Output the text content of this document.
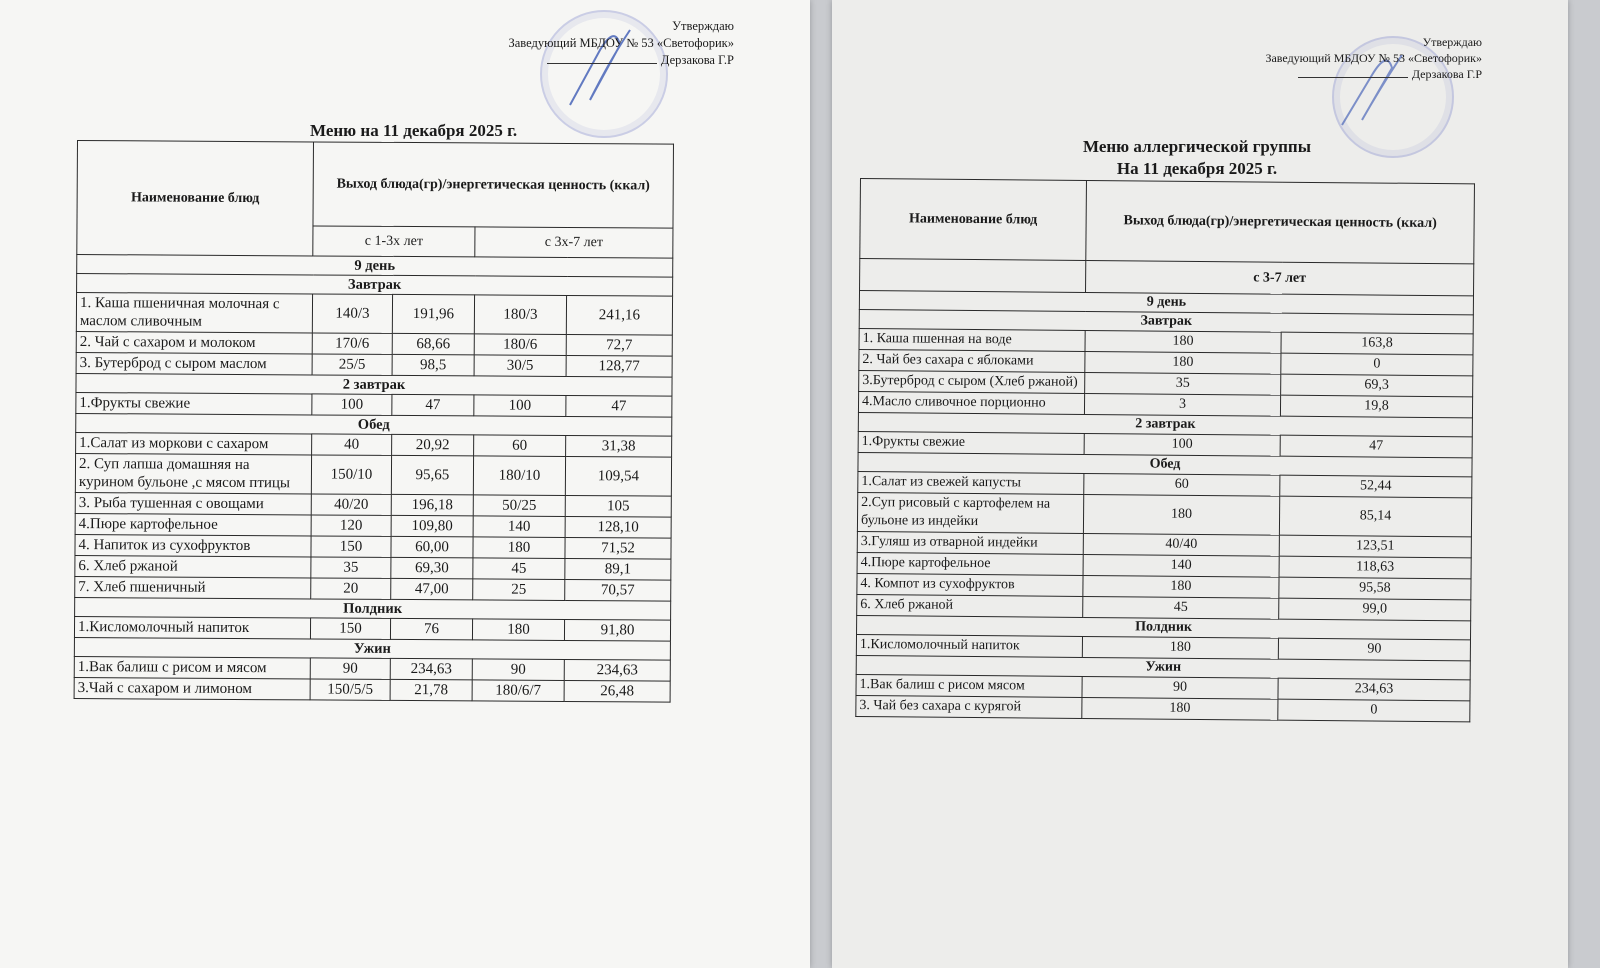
Утверждаю
Заведующий МБДОУ № 53 «Светофорик»
Дерзакова Г.Р
Меню на 11 декабря 2025 г.
Наименование блюд	Выход блюда(гр)/энергетическая ценность (ккал)			
	с 1-3х лет		с 3х-7 лет	
9 день				
Завтрак				
1. Каша пшеничная молочная с маслом сливочным	140/3	191,96	180/3	241,16
2. Чай с сахаром и молоком	170/6	68,66	180/6	72,7
3. Бутерброд с сыром маслом	25/5	98,5	30/5	128,77
2 завтрак				
1.Фрукты свежие	100	47	100	47
Обед				
1.Салат из моркови с сахаром	40	20,92	60	31,38
2. Суп лапша домашняя на курином бульоне ,с мясом птицы	150/10	95,65	180/10	109,54
3. Рыба тушенная с овощами	40/20	196,18	50/25	105
4.Пюре картофельное	120	109,80	140	128,10
4. Напиток из сухофруктов	150	60,00	180	71,52
6. Хлеб ржаной	35	69,30	45	89,1
7. Хлеб пшеничный	20	47,00	25	70,57
Полдник				
1.Кисломолочный напиток	150	76	180	91,80
Ужин				
1.Вак балиш с рисом и мясом	90	234,63	90	234,63
3.Чай с сахаром и лимоном	150/5/5	21,78	180/6/7	26,48
Утверждаю
Заведующий МБДОУ № 53 «Светофорик»
Дерзакова Г.Р
Меню аллергической группы
На 11 декабря 2025 г.
Наименование блюд	Выход блюда(гр)/энергетическая ценность (ккал)	
	с 3-7 лет	
9 день		
Завтрак		
1. Каша пшенная на воде	180	163,8
2. Чай без сахара с яблоками	180	0
3.Бутерброд с сыром (Хлеб ржаной)	35	69,3
4.Масло сливочное порционно	3	19,8
2 завтрак		
1.Фрукты свежие	100	47
Обед		
1.Салат из свежей капусты	60	52,44
2.Суп рисовый с картофелем на бульоне из индейки	180	85,14
3.Гуляш из отварной индейки	40/40	123,51
4.Пюре картофельное	140	118,63
4. Компот из сухофруктов	180	95,58
6. Хлеб ржаной	45	99,0
Полдник		
1.Кисломолочный напиток	180	90
Ужин		
1.Вак балиш с рисом мясом	90	234,63
3. Чай без сахара с курягой	180	0
